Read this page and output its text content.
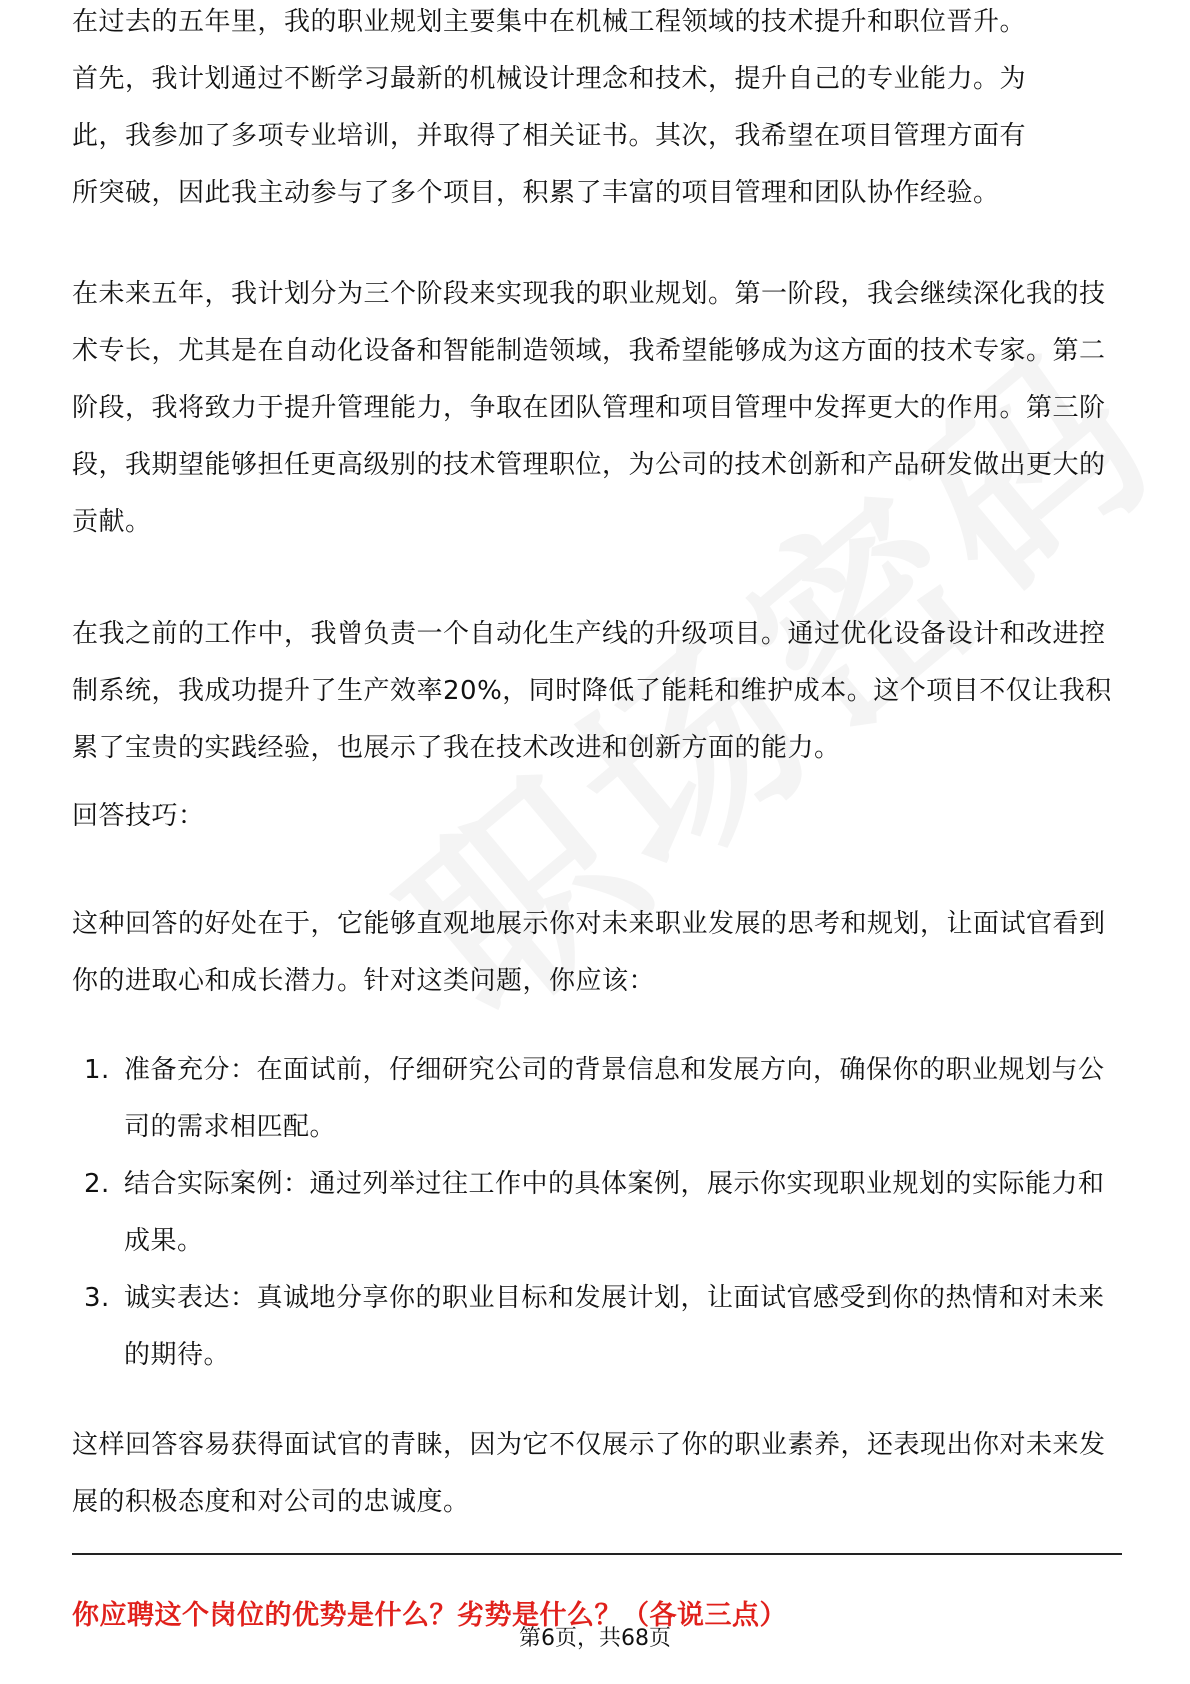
在过去的五年里，我的职业规划主要集中在机械工程领域的技术提升和职位晋升。
首先，我计划通过不断学习最新的机械设计理念和技术，提升自己的专业能力。为
此，我参加了多项专业培训，并取得了相关证书。其次，我希望在项目管理方面有
所突破，因此我主动参与了多个项目，积累了丰富的项目管理和团队协作经验。

在未来五年，我计划分为三个阶段来实现我的职业规划。第一阶段，我会继续深化我的技术专长，尤其是在自动化设备和智能制造领域，我希望能够成为这方面的技术专家。第二阶段，我将致力于提升管理能力，争取在团队管理和项目管理中发挥更大的作用。第三阶段，我期望能够担任更高级别的技术管理职位，为公司的技术创新和产品研发做出更大的贡献。

在我之前的工作中，我曾负责一个自动化生产线的升级项目。通过优化设备设计和改进控制系统，我成功提升了生产效率20%，同时降低了能耗和维护成本。这个项目不仅让我积累了宝贵的实践经验，也展示了我在技术改进和创新方面的能力。

回答技巧：

这种回答的好处在于，它能够直观地展示你对未来职业发展的思考和规划，让面试官看到你的进取心和成长潜力。针对这类问题，你应该：

1. 准备充分：在面试前，仔细研究公司的背景信息和发展方向，确保你的职业规划与公司的需求相匹配。
2. 结合实际案例：通过列举过往工作中的具体案例，展示你实现职业规划的实际能力和成果。
3. 诚实表达：真诚地分享你的职业目标和发展计划，让面试官感受到你的热情和对未来的期待。

这样回答容易获得面试官的青睐，因为它不仅展示了你的职业素养，还表现出你对未来发展的积极态度和对公司的忠诚度。

你应聘这个岗位的优势是什么？劣势是什么？（各说三点）
第6页，共68页
